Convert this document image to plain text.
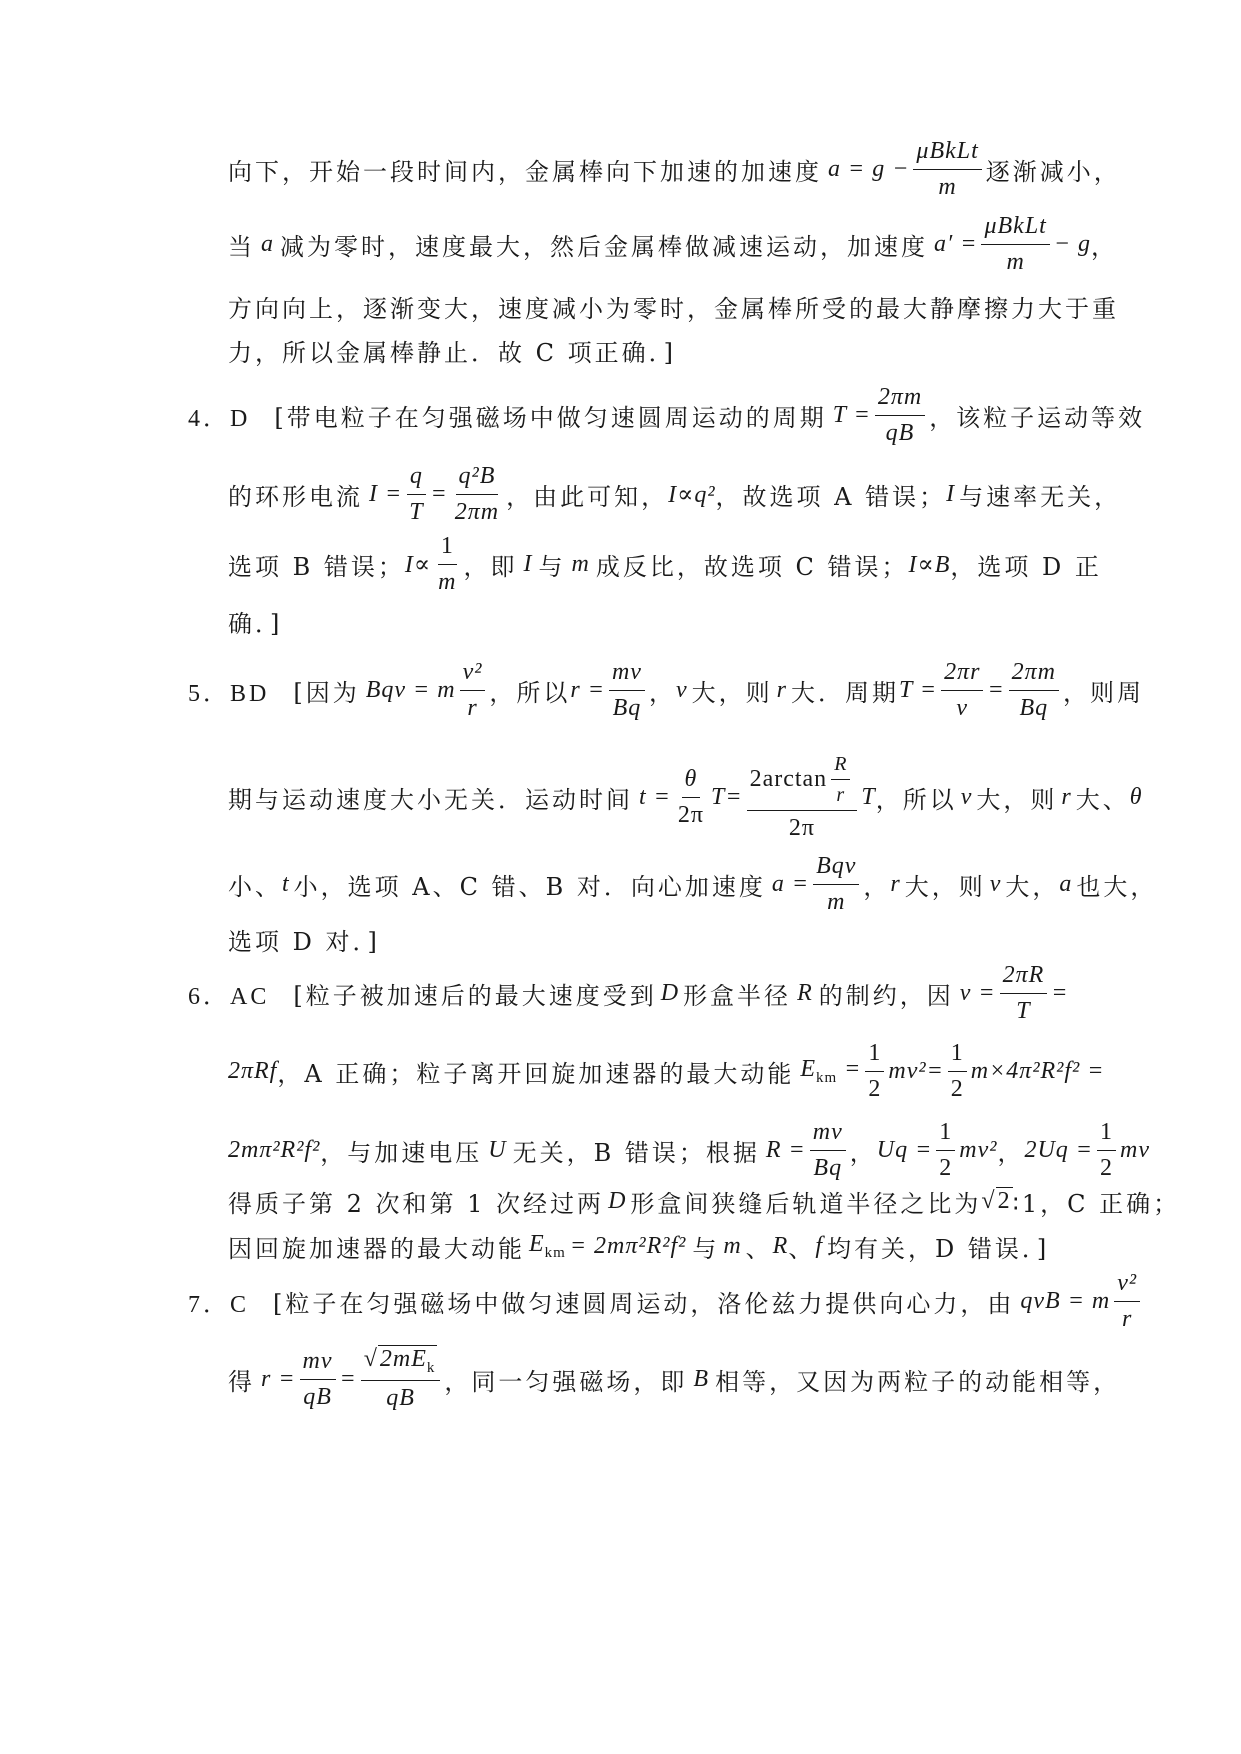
向下，开始一段时间内，金属棒向下加速的加速度 $a = g - \frac{\text{μBkLt}}{m}$ 逐渐减小，
当 a 减为零时，速度最大，然后金属棒做减速运动，加速度 $a' = \frac{\text{μBkLt}}{m} - g$ ，
方向向上，逐渐变大，速度减小为零时，金属棒所受的最大静摩擦力大于重
力，所以金属棒静止．故 C 项正确．]
4．D [带电粒子在匀强磁场中做匀速圆周运动的周期 $T = \frac{2\pi m}{qB}$ ，该粒子运动等效
的环形电流 $I = \frac{q}{T} = \frac{\text{q²B}}{2\pi m}$ ，由此可知， I∝q² ，故选项 A 错误； I 与速率无关，
选项 B 错误； $I\propto \frac{1}{m}$ ，即 I 与 m 成反比，故选项 C 错误； I∝B ，选项 D 正
确．]
5．BD [因为 Bqv = m $\frac{\text{v²}}{r}$ ，所以 $r = \frac{mv}{Bq}$ ， v 大，则 r 大．周期 $T = \frac{2\pi r}{v} = \frac{2\pi m}{Bq}$ ，则周
期与运动速度大小无关．运动时间 $t = \frac{\theta}{2\pi}$ $T = \frac{2\arctan \frac{R}{r}}{2\pi}$ T ，所以 v 大，则 r 大、 θ
小、 t 小，选项 A、C 错、B 对．向心加速度 $a = \frac{\text{Bqv}}{m}$ ， r 大，则 v 大， a 也大，
选项 D 对．]
6．AC [粒子被加速后的最大速度受到 D 形盒半径 R 的制约，因 $v = \frac{2\pi R}{T}$ =
2πRf ，A 正确；粒子离开回旋加速器的最大动能 $E_{km} = \frac{1}{2} mv^2 = \frac{1}{2} m\times 4\pi^2R^2f^2$ =
2mπ²R²f² ，与加速电压 U 无关，B 错误；根据 $R = \frac{mv}{Bq}$ ， $Uq = \frac{1}{2} mv^2$ ， $2Uq = \frac{1}{2}$ mv
得质子第 2 次和第 1 次经过两 D 形盒间狭缝后轨道半径之比为 √2 ∶1，C 正确；
因回旋加速器的最大动能 $E_{km} = 2m\pi^2R^2f^2$ 与 m 、 R 、 f 均有关，D 错误．]
7．C [粒子在匀强磁场中做匀速圆周运动，洛伦兹力提供向心力，由 qvB = m $\frac{\text{v²}}{r}$
得 $r = \frac{mv}{qB} = \frac{√2mE_k}{qB}$ ，同一匀强磁场，即 B 相等，又因为两粒子的动能相等，
